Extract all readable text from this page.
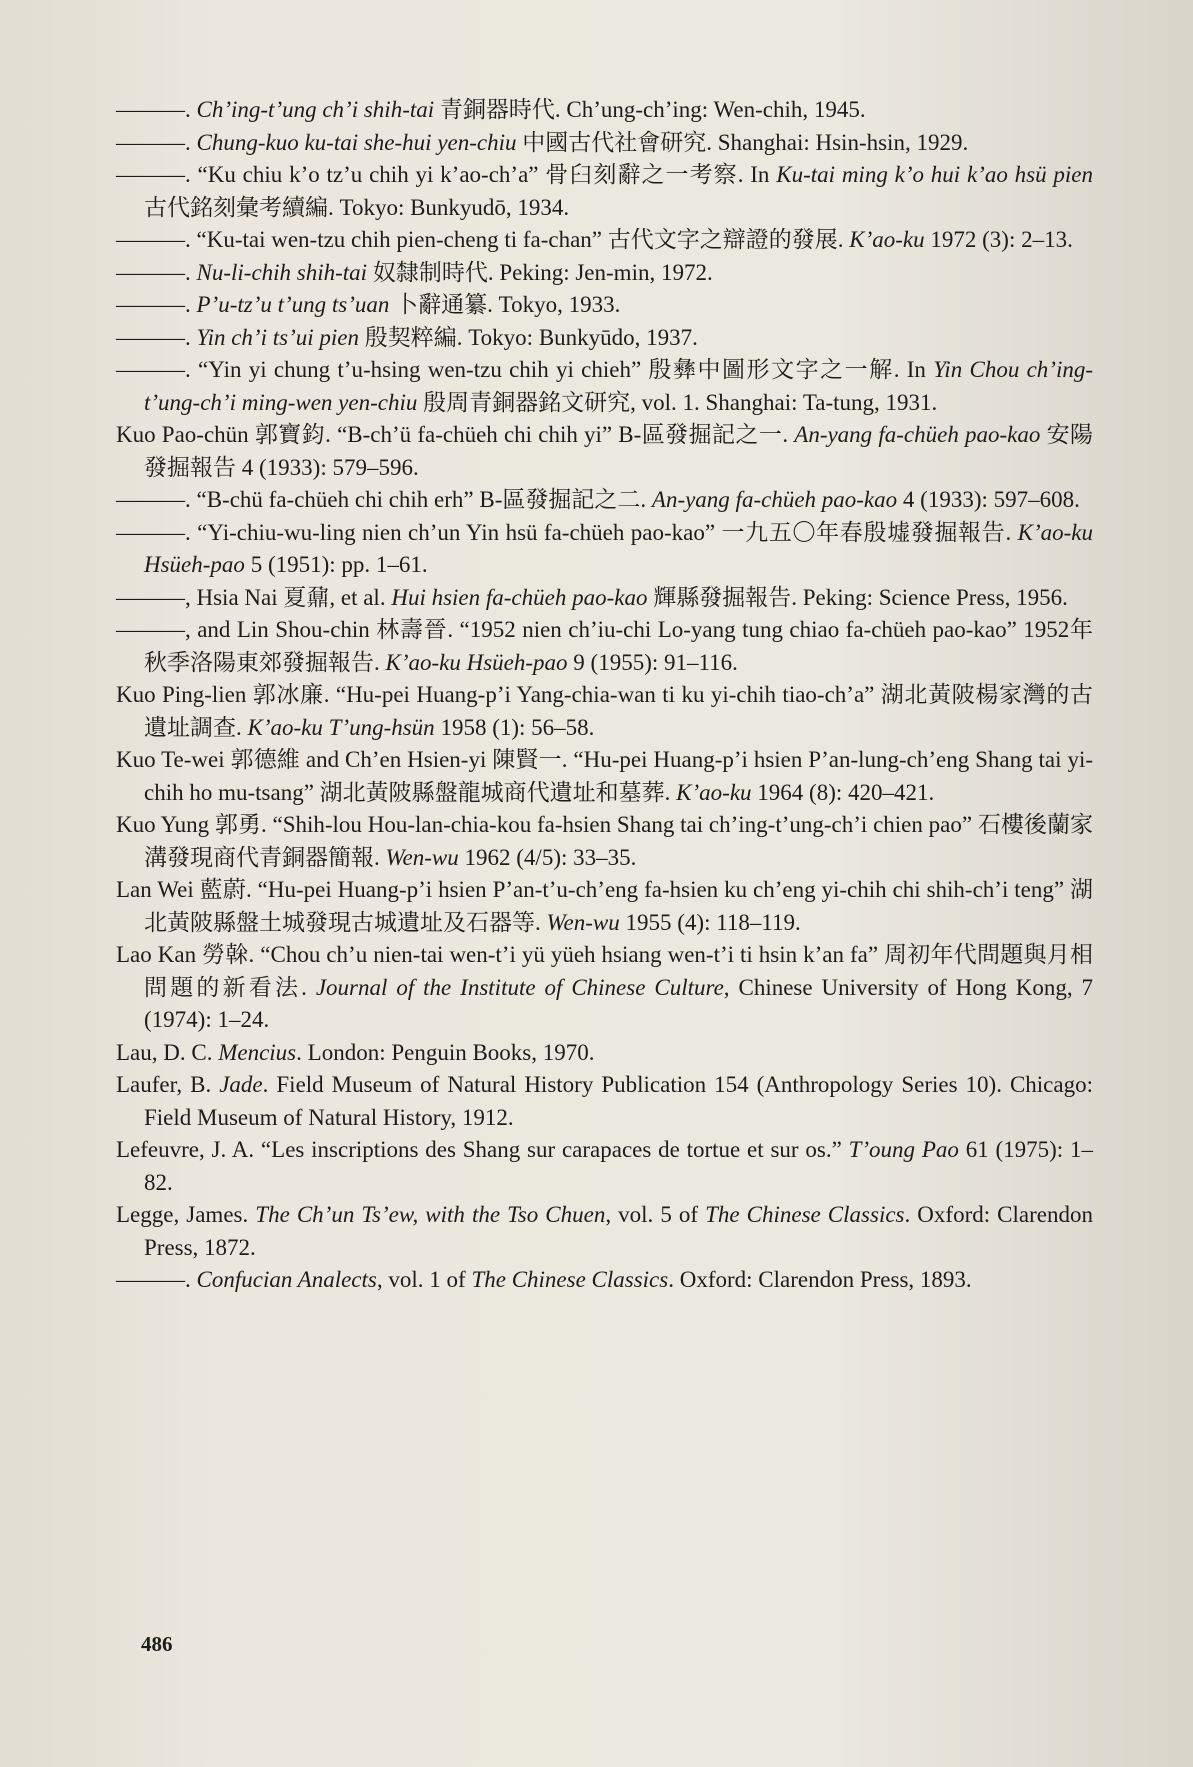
———. Ch’ing-t’ung ch’i shih-tai 青銅器時代. Ch’ung-ch’ing: Wen-chih, 1945.

———. Chung-kuo ku-tai she-hui yen-chiu 中國古代社會研究. Shanghai: Hsin-hsin, 1929.

———. “Ku chiu k’o tz’u chih yi k’ao-ch’a” 骨臼刻辭之一考察. In Ku-tai ming k’o hui k’ao hsü pien 古代銘刻彙考續編. Tokyo: Bunkyudō, 1934.

———. “Ku-tai wen-tzu chih pien-cheng ti fa-chan” 古代文字之辯證的發展. K’ao-ku 1972 (3): 2–13.

———. Nu-li-chih shih-tai 奴隸制時代. Peking: Jen-min, 1972.

———. P’u-tz’u t’ung ts’uan 卜辭通纂. Tokyo, 1933.

———. Yin ch’i ts’ui pien 殷契粹編. Tokyo: Bunkyūdo, 1937.

———. “Yin yi chung t’u-hsing wen-tzu chih yi chieh” 殷彝中圖形文字之一解. In Yin Chou ch’ing-t’ung-ch’i ming-wen yen-chiu 殷周青銅器銘文研究, vol. 1. Shanghai: Ta-tung, 1931.

Kuo Pao-chün 郭寶鈞. “B-ch’ü fa-chüeh chi chih yi” B-區發掘記之一. An-yang fa-chüeh pao-kao 安陽發掘報告 4 (1933): 579–596.

———. “B-chü fa-chüeh chi chih erh” B-區發掘記之二. An-yang fa-chüeh pao-kao 4 (1933): 597–608.

———. “Yi-chiu-wu-ling nien ch’un Yin hsü fa-chüeh pao-kao” 一九五〇年春殷墟發掘報告. K’ao-ku Hsüeh-pao 5 (1951): pp. 1–61.

———, Hsia Nai 夏鼐, et al. Hui hsien fa-chüeh pao-kao 輝縣發掘報告. Peking: Science Press, 1956.

———, and Lin Shou-chin 林壽晉. “1952 nien ch’iu-chi Lo-yang tung chiao fa-chüeh pao-kao” 1952年秋季洛陽東郊發掘報告. K’ao-ku Hsüeh-pao 9 (1955): 91–116.

Kuo Ping-lien 郭冰廉. “Hu-pei Huang-p’i Yang-chia-wan ti ku yi-chih tiao-ch’a” 湖北黃陂楊家灣的古遺址調查. K’ao-ku T’ung-hsün 1958 (1): 56–58.

Kuo Te-wei 郭德維 and Ch’en Hsien-yi 陳賢一. “Hu-pei Huang-p’i hsien P’an-lung-ch’eng Shang tai yi-chih ho mu-tsang” 湖北黃陂縣盤龍城商代遺址和墓葬. K’ao-ku 1964 (8): 420–421.

Kuo Yung 郭勇. “Shih-lou Hou-lan-chia-kou fa-hsien Shang tai ch’ing-t’ung-ch’i chien pao” 石樓後蘭家溝發現商代青銅器簡報. Wen-wu 1962 (4/5): 33–35.

Lan Wei 藍蔚. “Hu-pei Huang-p’i hsien P’an-t’u-ch’eng fa-hsien ku ch’eng yi-chih chi shih-ch’i teng” 湖北黃陂縣盤土城發現古城遺址及石器等. Wen-wu 1955 (4): 118–119.

Lao Kan 勞榦. “Chou ch’u nien-tai wen-t’i yü yüeh hsiang wen-t’i ti hsin k’an fa” 周初年代問題與月相問題的新看法. Journal of the Institute of Chinese Culture, Chinese University of Hong Kong, 7 (1974): 1–24.

Lau, D. C. Mencius. London: Penguin Books, 1970.

Laufer, B. Jade. Field Museum of Natural History Publication 154 (Anthropology Series 10). Chicago: Field Museum of Natural History, 1912.

Lefeuvre, J. A. “Les inscriptions des Shang sur carapaces de tortue et sur os.” T’oung Pao 61 (1975): 1–82.

Legge, James. The Ch’un Ts’ew, with the Tso Chuen, vol. 5 of The Chinese Classics. Oxford: Clarendon Press, 1872.

———. Confucian Analects, vol. 1 of The Chinese Classics. Oxford: Clarendon Press, 1893.

486
